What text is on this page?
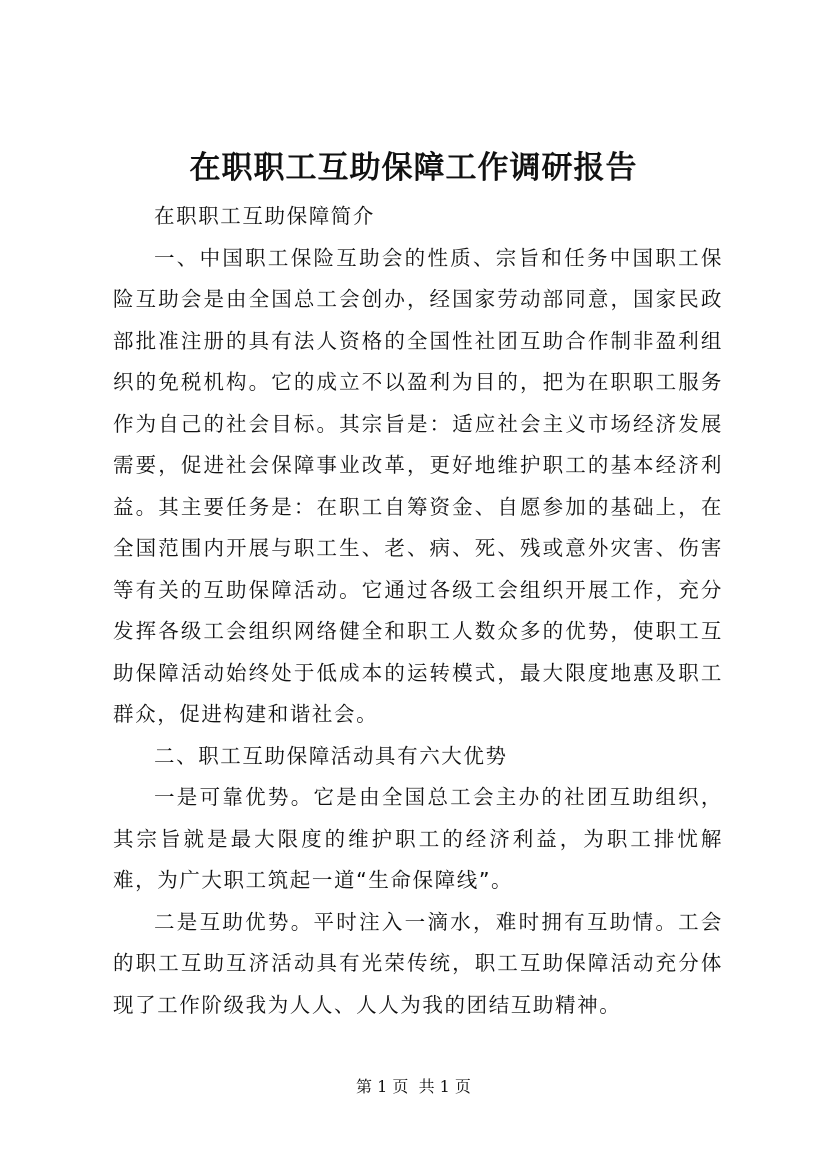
在职职工互助保障工作调研报告

在职职工互助保障简介

一、中国职工保险互助会的性质、宗旨和任务中国职工保险互助会是由全国总工会创办，经国家劳动部同意，国家民政部批准注册的具有法人资格的全国性社团互助合作制非盈利组织的免税机构。它的成立不以盈利为目的，把为在职职工服务作为自己的社会目标。其宗旨是：适应社会主义市场经济发展需要，促进社会保障事业改革，更好地维护职工的基本经济利益。其主要任务是：在职工自筹资金、自愿参加的基础上，在全国范围内开展与职工生、老、病、死、残或意外灾害、伤害等有关的互助保障活动。它通过各级工会组织开展工作，充分发挥各级工会组织网络健全和职工人数众多的优势，使职工互助保障活动始终处于低成本的运转模式，最大限度地惠及职工群众，促进构建和谐社会。

二、职工互助保障活动具有六大优势

一是可靠优势。它是由全国总工会主办的社团互助组织，其宗旨就是最大限度的维护职工的经济利益，为职工排忧解难，为广大职工筑起一道“生命保障线”。

二是互助优势。平时注入一滴水，难时拥有互助情。工会的职工互助互济活动具有光荣传统，职工互助保障活动充分体现了工作阶级我为人人、人人为我的团结互助精神。

第 1 页  共 1 页
